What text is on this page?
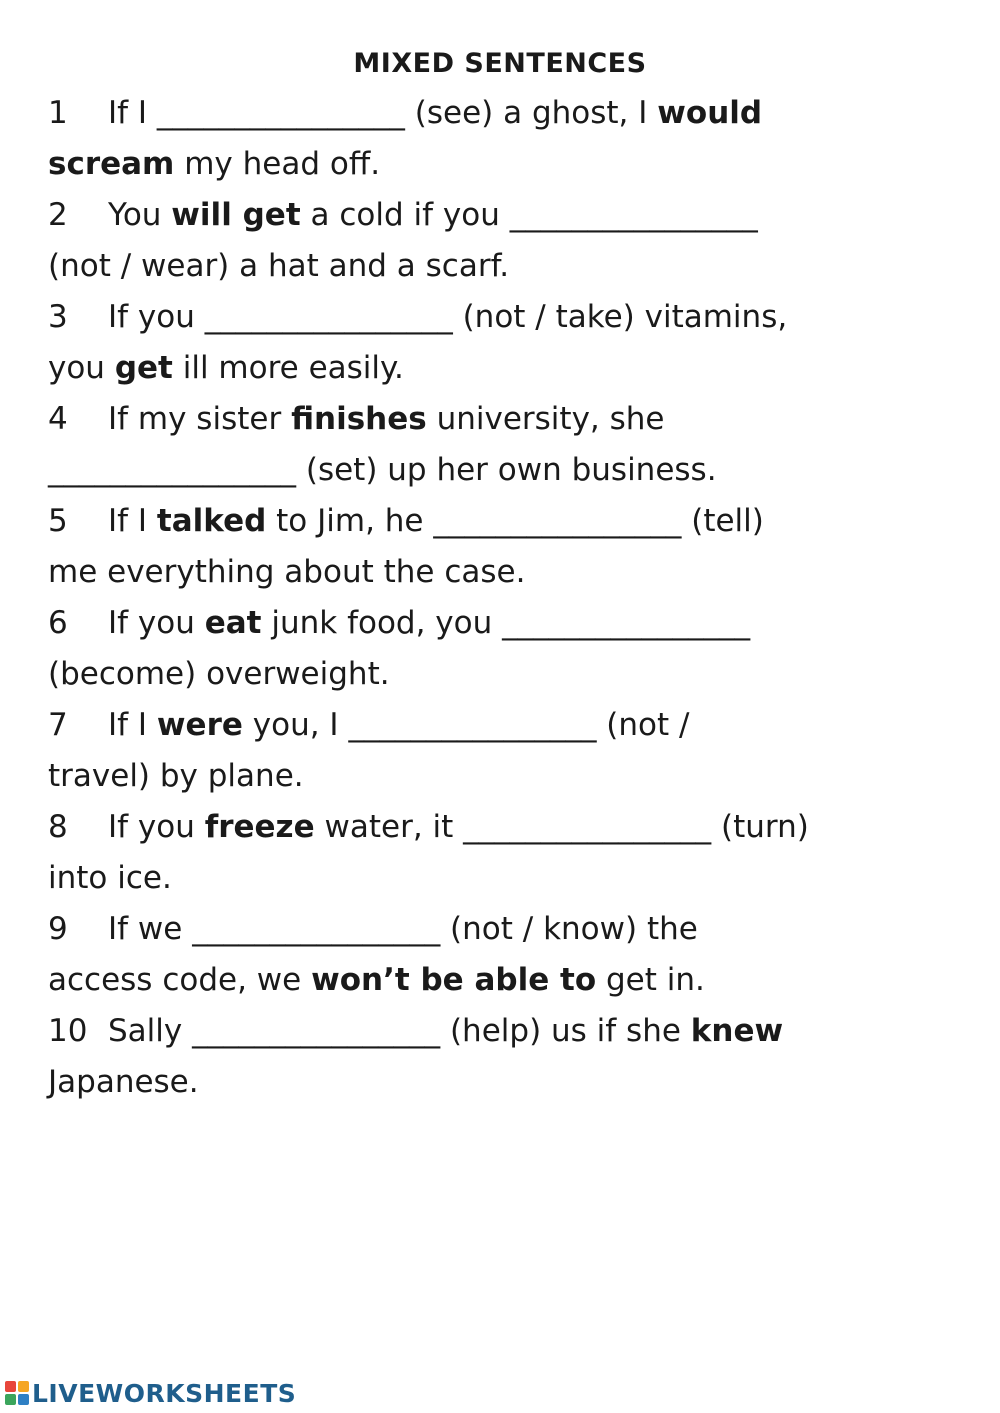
MIXED SENTENCES
1 If I ________________ (see) a ghost, I would
scream my head off.
2 You will get a cold if you ________________
(not / wear) a hat and a scarf.
3 If you ________________ (not / take) vitamins,
you get ill more easily.
4 If my sister finishes university, she
________________ (set) up her own business.
5 If I talked to Jim, he ________________ (tell)
me everything about the case.
6 If you eat junk food, you ________________
(become) overweight.
7 If I were you, I ________________ (not /
travel) by plane.
8 If you freeze water, it ________________ (turn)
into ice.
9 If we ________________ (not / know) the
access code, we won’t be able to get in.
10 Sally ________________ (help) us if she knew
Japanese.
LIVEWORKSHEETS
